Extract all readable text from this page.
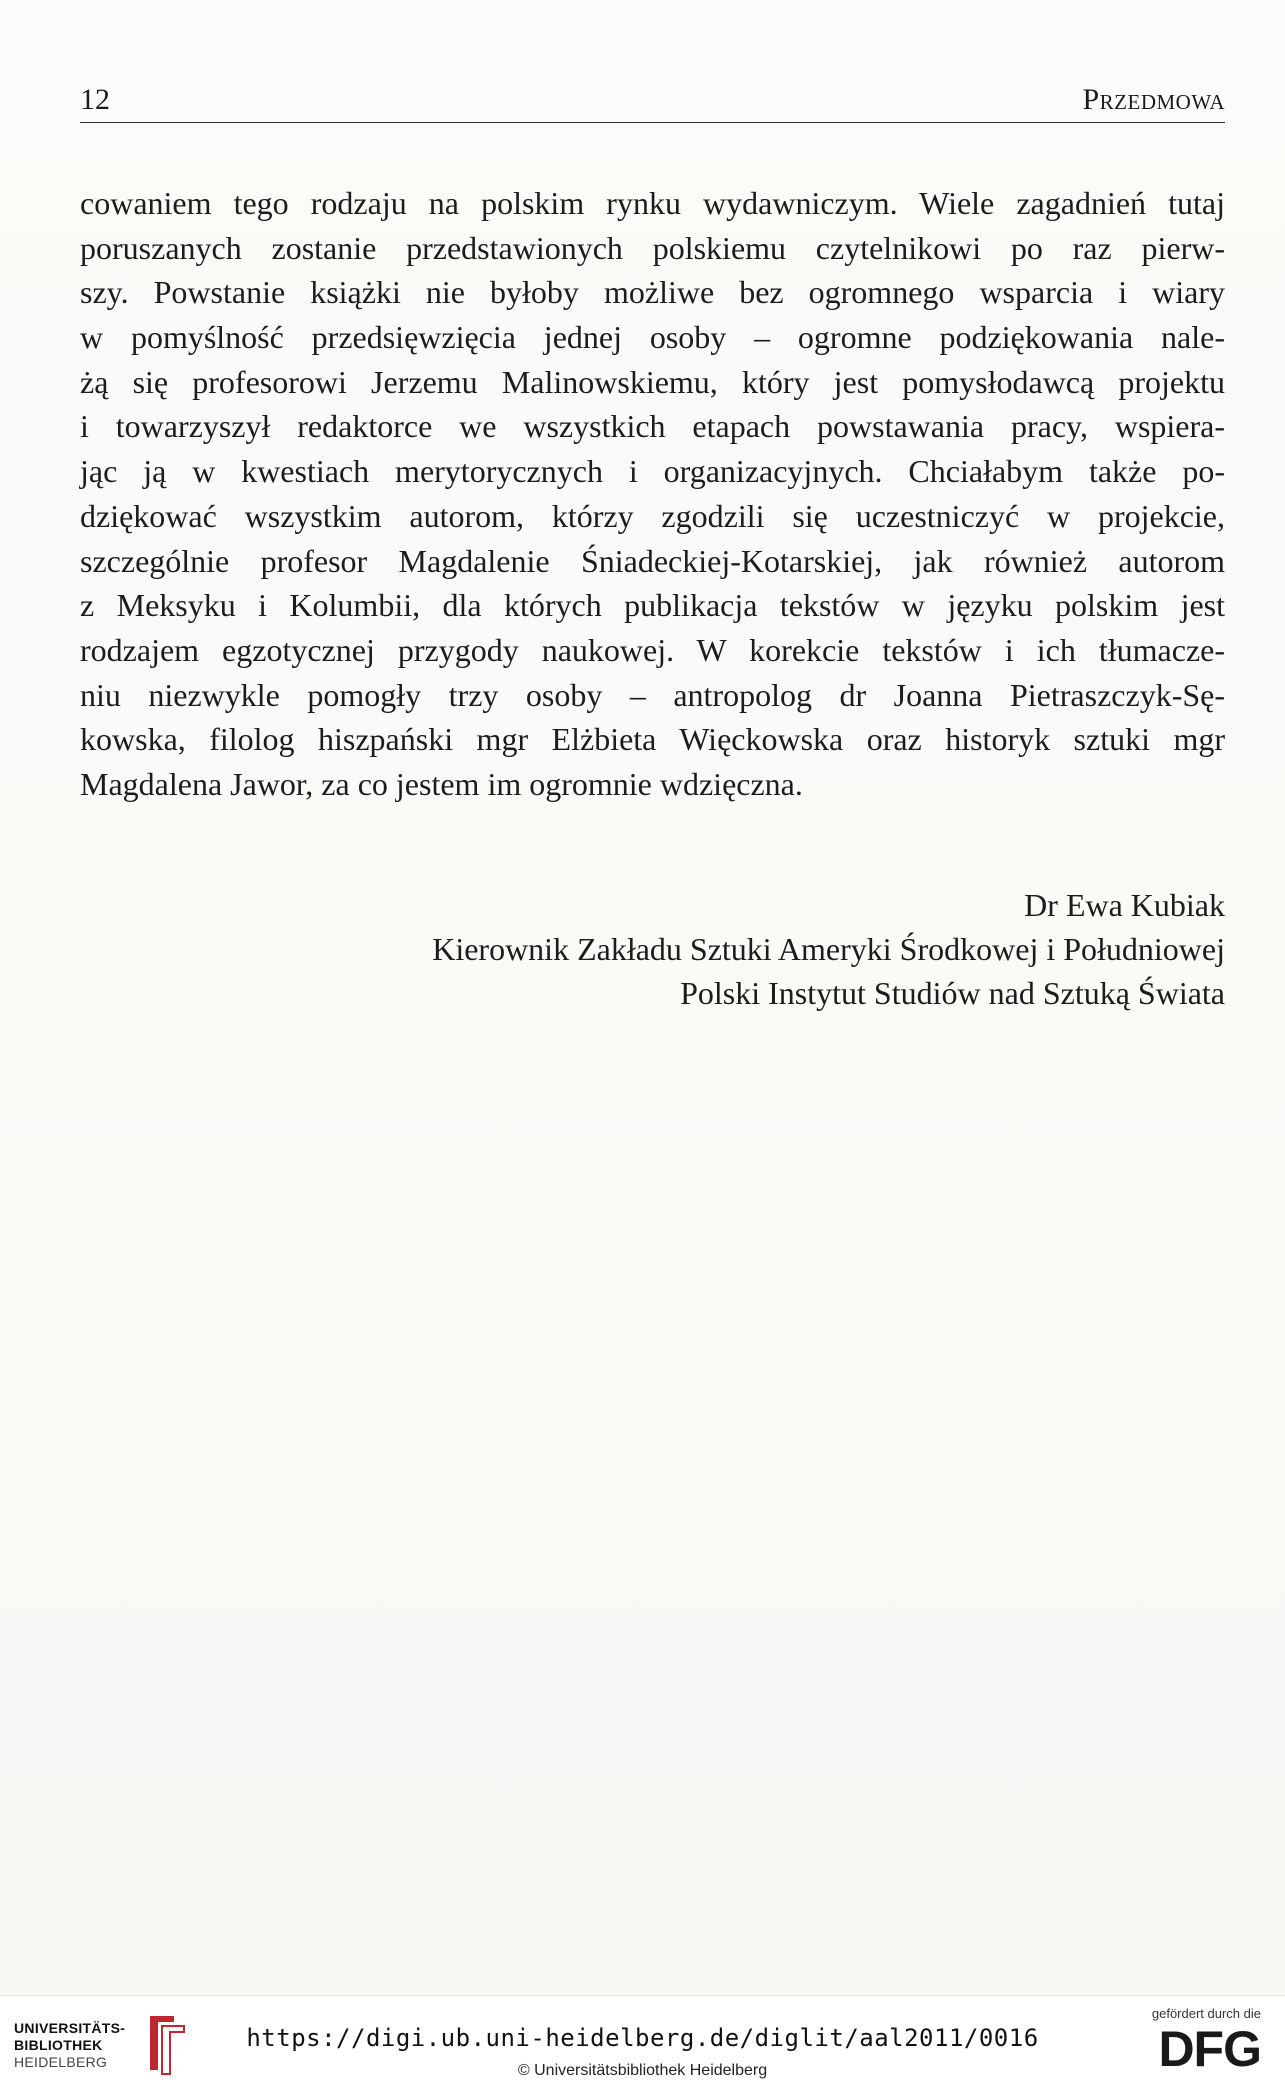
12	Przedmowa
cowaniem tego rodzaju na polskim rynku wydawniczym. Wiele zagadnień tutaj
poruszanych zostanie przedstawionych polskiemu czytelnikowi po raz pierw-
szy. Powstanie książki nie byłoby możliwe bez ogromnego wsparcia i wiary
w pomyślność przedsięwzięcia jednej osoby – ogromne podziękowania nale-
żą się profesorowi Jerzemu Malinowskiemu, który jest pomysłodawcą projektu
i towarzyszył redaktorce we wszystkich etapach powstawania pracy, wspiera-
jąc ją w kwestiach merytorycznych i organizacyjnych. Chciałabym także po-
dziękować wszystkim autorom, którzy zgodzili się uczestniczyć w projekcie,
szczególnie profesor Magdalenie Śniadeckiej-Kotarskiej, jak również autorom
z Meksyku i Kolumbii, dla których publikacja tekstów w języku polskim jest
rodzajem egzotycznej przygody naukowej. W korekcie tekstów i ich tłumacze-
niu niezwykle pomogły trzy osoby – antropolog dr Joanna Pietraszczyk-Sę-
kowska, filolog hiszpański mgr Elżbieta Więckowska oraz historyk sztuki mgr
Magdalena Jawor, za co jestem im ogromnie wdzięczna.
Dr Ewa Kubiak
Kierownik Zakładu Sztuki Ameryki Środkowej i Południowej
Polski Instytut Studiów nad Sztuką Świata
UNIVERSITÄTS-
BIBLIOTHEK
HEIDELBERG
https://digi.ub.uni-heidelberg.de/diglit/aal2011/0016
© Universitätsbibliothek Heidelberg
gefördert durch die
DFG
